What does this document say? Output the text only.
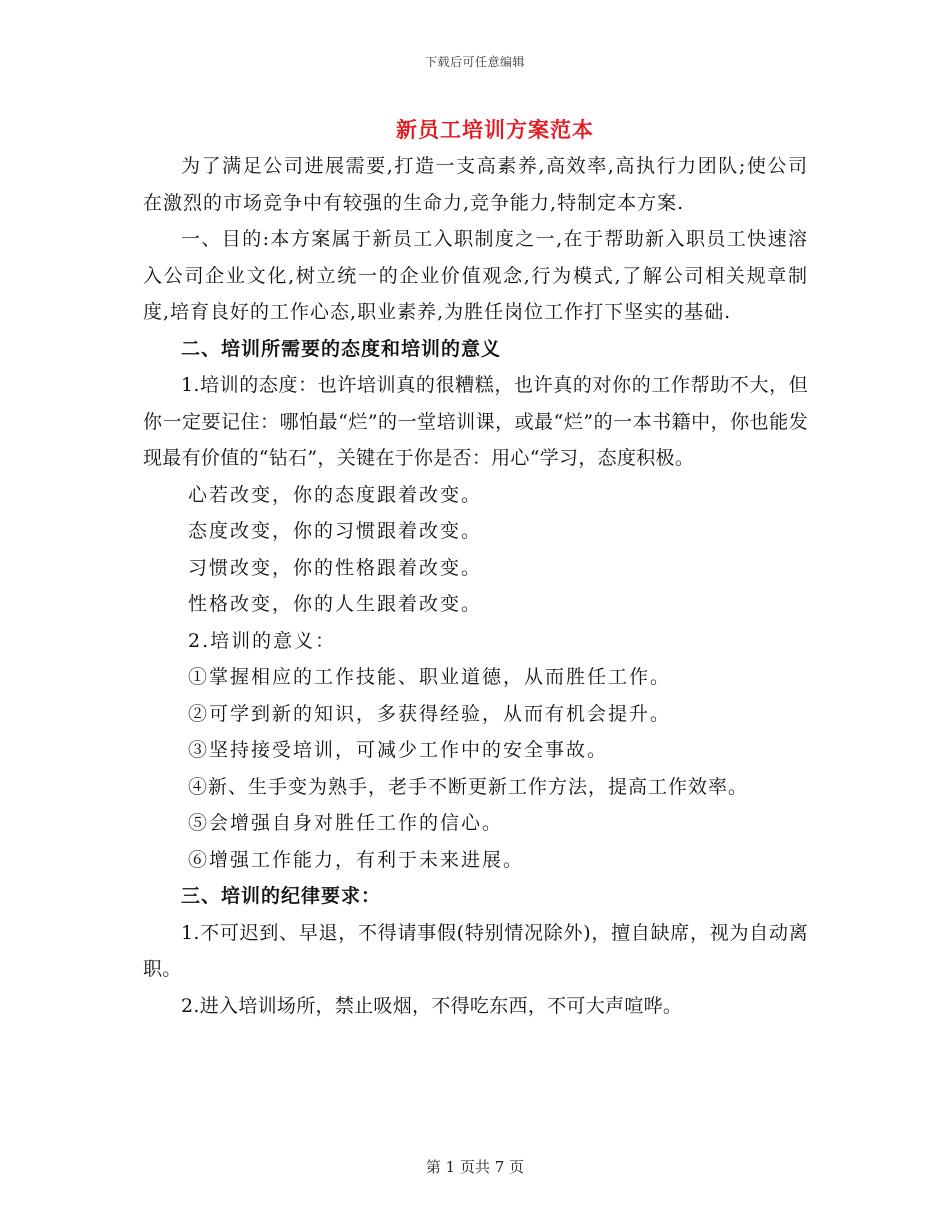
下载后可任意编辑
新员工培训方案范本

为了满足公司进展需要,打造一支高素养,高效率,高执行力团队;使公司在激烈的市场竞争中有较强的生命力,竞争能力,特制定本方案.

一、目的:本方案属于新员工入职制度之一,在于帮助新入职员工快速溶入公司企业文化,树立统一的企业价值观念,行为模式,了解公司相关规章制度,培育良好的工作心态,职业素养,为胜任岗位工作打下坚实的基础.

二、培训所需要的态度和培训的意义

1.培训的态度：也许培训真的很糟糕，也许真的对你的工作帮助不大，但你一定要记住：哪怕最“烂”的一堂培训课，或最“烂”的一本书籍中，你也能发现最有价值的“钻石”，关键在于你是否：用心“学习，态度积极。

心若改变，你的态度跟着改变。

态度改变，你的习惯跟着改变。

习惯改变，你的性格跟着改变。

性格改变，你的人生跟着改变。

2.培训的意义：

①掌握相应的工作技能、职业道德，从而胜任工作。

②可学到新的知识，多获得经验，从而有机会提升。

③坚持接受培训，可减少工作中的安全事故。

④新、生手变为熟手，老手不断更新工作方法，提高工作效率。

⑤会增强自身对胜任工作的信心。

⑥增强工作能力，有利于未来进展。

三、培训的纪律要求：

1.不可迟到、早退，不得请事假(特别情况除外)，擅自缺席，视为自动离职。

2.进入培训场所，禁止吸烟，不得吃东西，不可大声喧哗。

第 1 页共 7 页
